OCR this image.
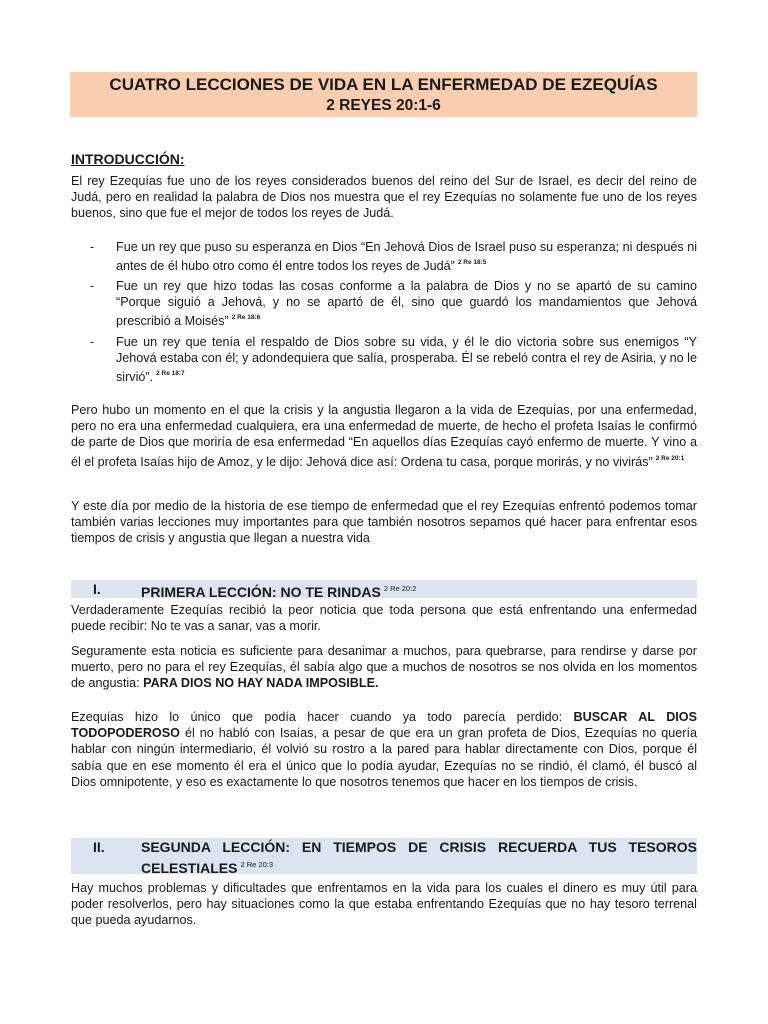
CUATRO LECCIONES DE VIDA EN LA ENFERMEDAD DE EZEQUÍAS
2 REYES 20:1-6
INTRODUCCIÓN:

El rey Ezequías fue uno de los reyes considerados buenos del reino del Sur de Israel, es decir del reino de Judá, pero en realidad la palabra de Dios nos muestra que el rey Ezequías no solamente fue uno de los reyes buenos, sino que fue el mejor de todos los reyes de Judá.

- Fue un rey que puso su esperanza en Dios “En Jehová Dios de Israel puso su esperanza; ni después ni antes de él hubo otro como él entre todos los reyes de Judá” $^{2 Re 18:5}$
- Fue un rey que hizo todas las cosas conforme a la palabra de Dios y no se apartó de su camino “Porque siguió a Jehová, y no se apartó de él, sino que guardó los mandamientos que Jehová prescribió a Moisés” $^{2 Re 18:6}$
- Fue un rey que tenía el respaldo de Dios sobre su vida, y él le dio victoria sobre sus enemigos “Y Jehová estaba con él; y adondequiera que salía, prosperaba. Él se rebeló contra el rey de Asiria, y no le sirvió”. $^{2 Re 18:7}$

Pero hubo un momento en el que la crisis y la angustia llegaron a la vida de Ezequías, por una enfermedad, pero no era una enfermedad cualquiera, era una enfermedad de muerte, de hecho el profeta Isaías le confirmó de parte de Dios que moriría de esa enfermedad “En aquellos días Ezequías cayó enfermo de muerte. Y vino a él el profeta Isaías hijo de Amoz, y le dijo: Jehová dice así: Ordena tu casa, porque morirás, y no vivirás” $^{2 Re 20:1}$

Y este día por medio de la historia de ese tiempo de enfermedad que el rey Ezequías enfrentó podemos tomar también varias lecciones muy importantes para que también nosotros sepamos qué hacer para enfrentar esos tiempos de crisis y angustia que llegan a nuestra vida

I.	PRIMERA LECCIÓN: NO TE RINDAS $^{2 Re 20:2}$

Verdaderamente Ezequías recibió la peor noticia que toda persona que está enfrentando una enfermedad puede recibir: No te vas a sanar, vas a morir.

Seguramente esta noticia es suficiente para desanimar a muchos, para quebrarse, para rendirse y darse por muerto, pero no para el rey Ezequías, él sabía algo que a muchos de nosotros se nos olvida en los momentos de angustia: PARA DIOS NO HAY NADA IMPOSIBLE.

Ezequías hizo lo único que podía hacer cuando ya todo parecía perdido: BUSCAR AL DIOS TODOPODEROSO él no habló con Isaías, a pesar de que era un gran profeta de Dios, Ezequías no quería hablar con ningún intermediario, él volvió su rostro a la pared para hablar directamente con Dios, porque él sabía que en ese momento él era el único que lo podía ayudar, Ezequías no se rindió, él clamó, él buscó al Dios omnipotente, y eso es exactamente lo que nosotros tenemos que hacer en los tiempos de crisis.

II.	SEGUNDA LECCIÓN: EN TIEMPOS DE CRISIS RECUERDA TUS TESOROS CELESTIALES $^{2 Re 20:3}$

Hay muchos problemas y dificultades que enfrentamos en la vida para los cuales el dinero es muy útil para poder resolverlos, pero hay situaciones como la que estaba enfrentando Ezequías que no hay tesoro terrenal que pueda ayudarnos.
